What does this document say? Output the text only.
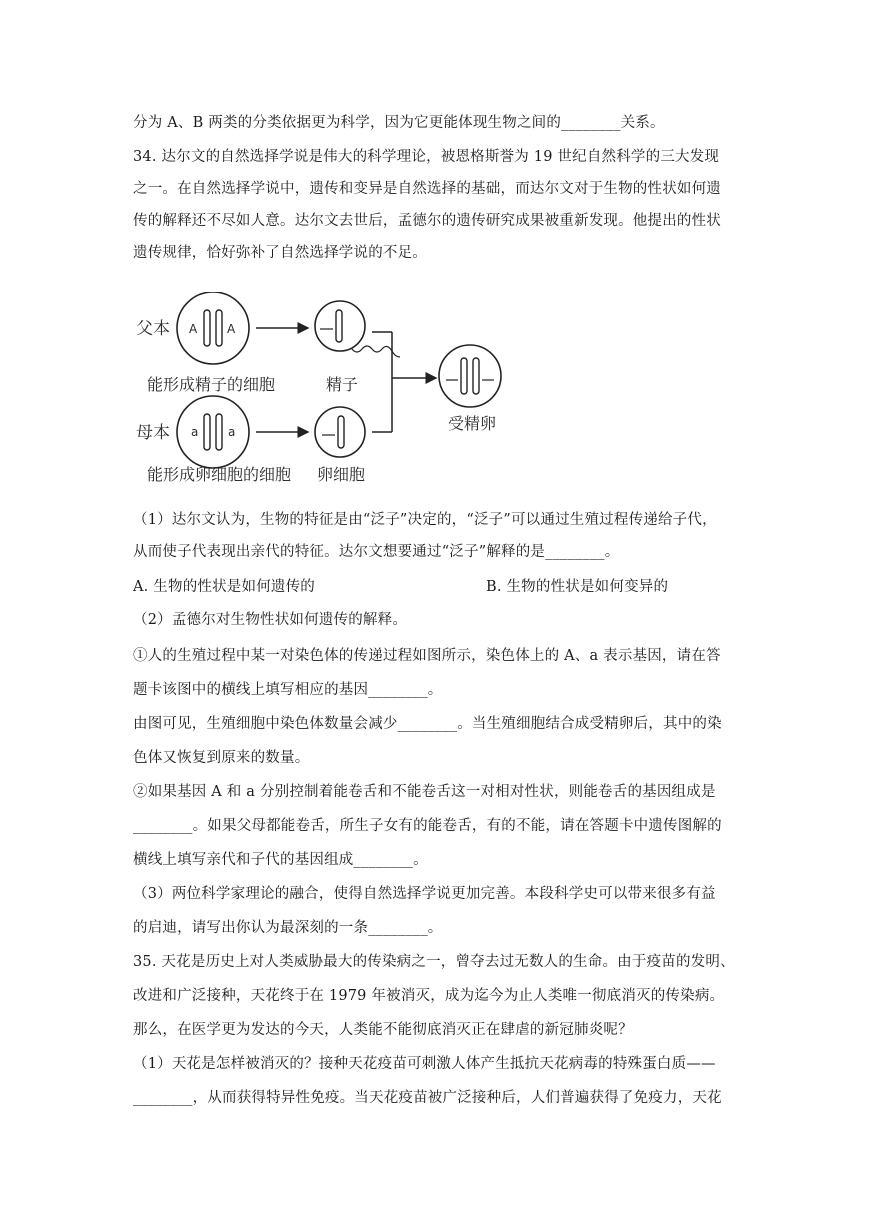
分为 A、B 两类的分类依据更为科学，因为它更能体现生物之间的________关系。
34. 达尔文的自然选择学说是伟大的科学理论，被恩格斯誉为 19 世纪自然科学的三大发现
之一。在自然选择学说中，遗传和变异是自然选择的基础，而达尔文对于生物的性状如何遗
传的解释还不尽如人意。达尔文去世后，孟德尔的遗传研究成果被重新发现。他提出的性状
遗传规律，恰好弥补了自然选择学说的不足。
父本 A A
能形成精子的细胞	精子
母本 a a
能形成卵细胞的细胞 卵细胞
受精卵
（1）达尔文认为，生物的特征是由“泛子”决定的，“泛子”可以通过生殖过程传递给子代，
从而使子代表现出亲代的特征。达尔文想要通过“泛子”解释的是________。
A. 生物的性状是如何遗传的	B. 生物的性状是如何变异的
（2）孟德尔对生物性状如何遗传的解释。
①人的生殖过程中某一对染色体的传递过程如图所示，染色体上的 A、a 表示基因，请在答
题卡该图中的横线上填写相应的基因________。
由图可见，生殖细胞中染色体数量会减少________。当生殖细胞结合成受精卵后，其中的染
色体又恢复到原来的数量。
②如果基因 A 和 a 分别控制着能卷舌和不能卷舌这一对相对性状，则能卷舌的基因组成是
________。如果父母都能卷舌，所生子女有的能卷舌，有的不能，请在答题卡中遗传图解的
横线上填写亲代和子代的基因组成________。
（3）两位科学家理论的融合，使得自然选择学说更加完善。本段科学史可以带来很多有益
的启迪，请写出你认为最深刻的一条________。
35. 天花是历史上对人类威胁最大的传染病之一，曾夺去过无数人的生命。由于疫苗的发明、
改进和广泛接种，天花终于在 1979 年被消灭，成为迄今为止人类唯一彻底消灭的传染病。
那么，在医学更为发达的今天，人类能不能彻底消灭正在肆虐的新冠肺炎呢？
（1）天花是怎样被消灭的？接种天花疫苗可刺激人体产生抵抗天花病毒的特殊蛋白质——
________，从而获得特异性免疫。当天花疫苗被广泛接种后，人们普遍获得了免疫力，天花
